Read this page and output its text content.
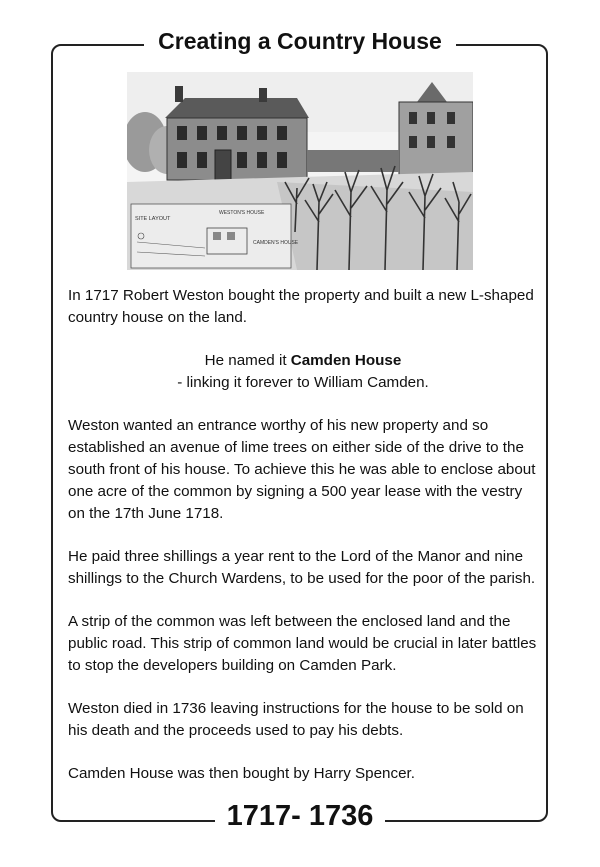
Creating a Country House
SITE LAYOUT
WESTON'S HOUSE
CAMDEN'S HOUSE

In 1717 Robert Weston bought the property and built a new L-shaped country house on the land.

He named it Camden House
- linking it forever to William Camden.

Weston wanted an entrance worthy of his new property and so established an avenue of lime trees on either side of the drive to the south front of his house. To achieve this he was able to enclose about one acre of the common by signing a 500 year lease with the vestry on the 17th June 1718.

He paid three shillings a year rent to the Lord of the Manor and nine shillings to the Church Wardens, to be used for the poor of the parish.

A strip of the common was left between the enclosed land and the public road. This strip of common land would be crucial in later battles to stop the developers building on Camden Park.

Weston died in 1736 leaving instructions for the house to be sold on his death and the proceeds used to pay his debts.

Camden House was then bought by Harry Spencer.

1717- 1736
